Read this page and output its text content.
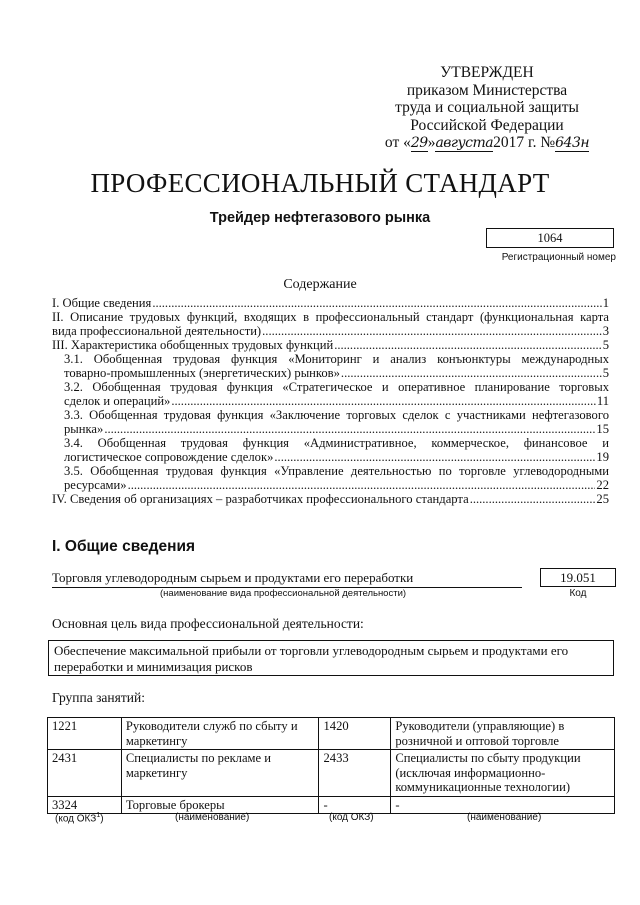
УТВЕРЖДЕН
приказом Министерства
труда и социальной защиты
Российской Федерации
от «29»августа2017 г. №643н
ПРОФЕССИОНАЛЬНЫЙ СТАНДАРТ
Трейдер нефтегазового рынка
1064
Регистрационный номер
Содержание
I. Общие сведения .....	1
II. Описание трудовых функций, входящих в профессиональный стандарт (функциональная карта
вида профессиональной деятельности) .....	3
III. Характеристика обобщенных трудовых функций .....	5
3.1. Обобщенная трудовая функция «Мониторинг и анализ конъюнктуры международных
товарно-промышленных (энергетических) рынков» .....	5
3.2. Обобщенная трудовая функция «Стратегическое и оперативное планирование торговых
сделок и операций» .....	11
3.3. Обобщенная трудовая функция «Заключение торговых сделок с участниками нефтегазового
рынка» .....	15
3.4. Обобщенная трудовая функция «Административное, коммерческое, финансовое и
логистическое сопровождение сделок» .....	19
3.5. Обобщенная трудовая функция «Управление деятельностью по торговле углеводородными
ресурсами» .....	22
IV. Сведения об организациях – разработчиках профессионального стандарта .....	25
I. Общие сведения
Торговля углеводородным сырьем и продуктами его переработки
(наименование вида профессиональной деятельности)
19.051
Код
Основная цель вида профессиональной деятельности:
Обеспечение максимальной прибыли от торговли углеводородным сырьем и продуктами его переработки и минимизация рисков
Группа занятий:
1221	Руководители служб по сбыту и маркетингу	1420	Руководители (управляющие) в розничной и оптовой торговле
2431	Специалисты по рекламе и маркетингу	2433	Специалисты по сбыту продукции (исключая информационно-коммуникационные технологии)
3324	Торговые брокеры	-	-
(код ОКЗ$^1$)	(наименование)	(код ОКЗ)	(наименование)
